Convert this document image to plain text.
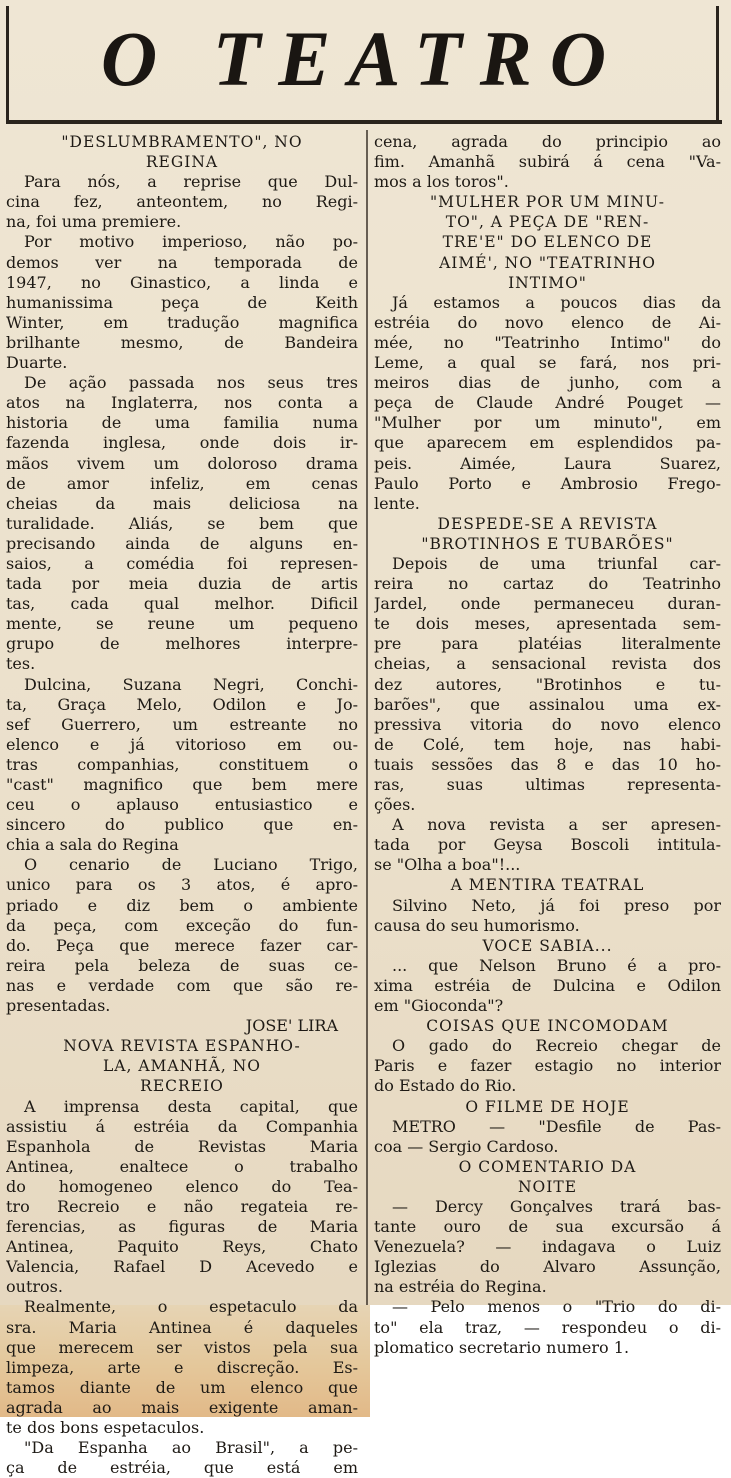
O TEATRO
"DESLUMBRAMENTO", NO
REGINA
Para nós, a reprise que Dul-
cina fez, anteontem, no Regi-
na, foi uma premiere.
Por motivo imperioso, não po-
demos ver na temporada de
1947, no Ginastico, a linda e
humanissima peça de Keith
Winter, em tradução magnifica
brilhante mesmo, de Bandeira
Duarte.
De ação passada nos seus tres
atos na Inglaterra, nos conta a
historia de uma familia numa
fazenda inglesa, onde dois ir-
mãos vivem um doloroso drama
de amor infeliz, em cenas
cheias da mais deliciosa na
turalidade. Aliás, se bem que
precisando ainda de alguns en-
saios, a comédia foi represen-
tada por meia duzia de artis
tas, cada qual melhor. Dificil
mente, se reune um pequeno
grupo de melhores interpre-
tes.
Dulcina, Suzana Negri, Conchi-
ta, Graça Melo, Odilon e Jo-
sef Guerrero, um estreante no
elenco e já vitorioso em ou-
tras companhias, constituem o
"cast" magnifico que bem mere
ceu o aplauso entusiastico e
sincero do publico que en-
chia a sala do Regina
O cenario de Luciano Trigo,
unico para os 3 atos, é apro-
priado e diz bem o ambiente
da peça, com exceção do fun-
do. Peça que merece fazer car-
reira pela beleza de suas ce-
nas e verdade com que são re-
presentadas.
JOSE' LIRA
NOVA REVISTA ESPANHO-
LA, AMANHÃ, NO
RECREIO
A imprensa desta capital, que
assistiu á estréia da Companhia
Espanhola de Revistas Maria
Antinea, enaltece o trabalho
do homogeneo elenco do Tea-
tro Recreio e não regateia re-
ferencias, as figuras de Maria
Antinea, Paquito Reys, Chato
Valencia, Rafael D Acevedo e
outros.
Realmente, o espetaculo da
sra. Maria Antinea é daqueles
que merecem ser vistos pela sua
limpeza, arte e discreção. Es-
tamos diante de um elenco que
agrada ao mais exigente aman-
te dos bons espetaculos.
"Da Espanha ao Brasil", a pe-
ça de estréia, que está em
cena, agrada do principio ao
fim. Amanhã subirá á cena "Va-
mos a los toros".
"MULHER POR UM MINU-
TO", A PEÇA DE "REN-
TRE'E" DO ELENCO DE
AIMÉ', NO "TEATRINHO
INTIMO"
Já estamos a poucos dias da
estréia do novo elenco de Ai-
mée, no "Teatrinho Intimo" do
Leme, a qual se fará, nos pri-
meiros dias de junho, com a
peça de Claude André Pouget —
"Mulher por um minuto", em
que aparecem em esplendidos pa-
peis. Aimée, Laura Suarez,
Paulo Porto e Ambrosio Frego-
lente.
DESPEDE-SE A REVISTA
"BROTINHOS E TUBARÕES"
Depois de uma triunfal car-
reira no cartaz do Teatrinho
Jardel, onde permaneceu duran-
te dois meses, apresentada sem-
pre para platéias literalmente
cheias, a sensacional revista dos
dez autores, "Brotinhos e tu-
barões", que assinalou uma ex-
pressiva vitoria do novo elenco
de Colé, tem hoje, nas habi-
tuais sessões das 8 e das 10 ho-
ras, suas ultimas representa-
ções.
A nova revista a ser apresen-
tada por Geysa Boscoli intitula-
se "Olha a boa"!...
A MENTIRA TEATRAL
Silvino Neto, já foi preso por
causa do seu humorismo.
VOCE SABIA...
... que Nelson Bruno é a pro-
xima estréia de Dulcina e Odilon
em "Gioconda"?
COISAS QUE INCOMODAM
O gado do Recreio chegar de
Paris e fazer estagio no interior
do Estado do Rio.
O FILME DE HOJE
METRO — "Desfile de Pas-
coa — Sergio Cardoso.
O COMENTARIO DA
NOITE
— Dercy Gonçalves trará bas-
tante ouro de sua excursão á
Venezuela? — indagava o Luiz
Iglezias do Alvaro Assunção,
na estréia do Regina.
— Pelo menos o "Trio do di-
to" ela traz, — respondeu o di-
plomatico secretario numero 1.
